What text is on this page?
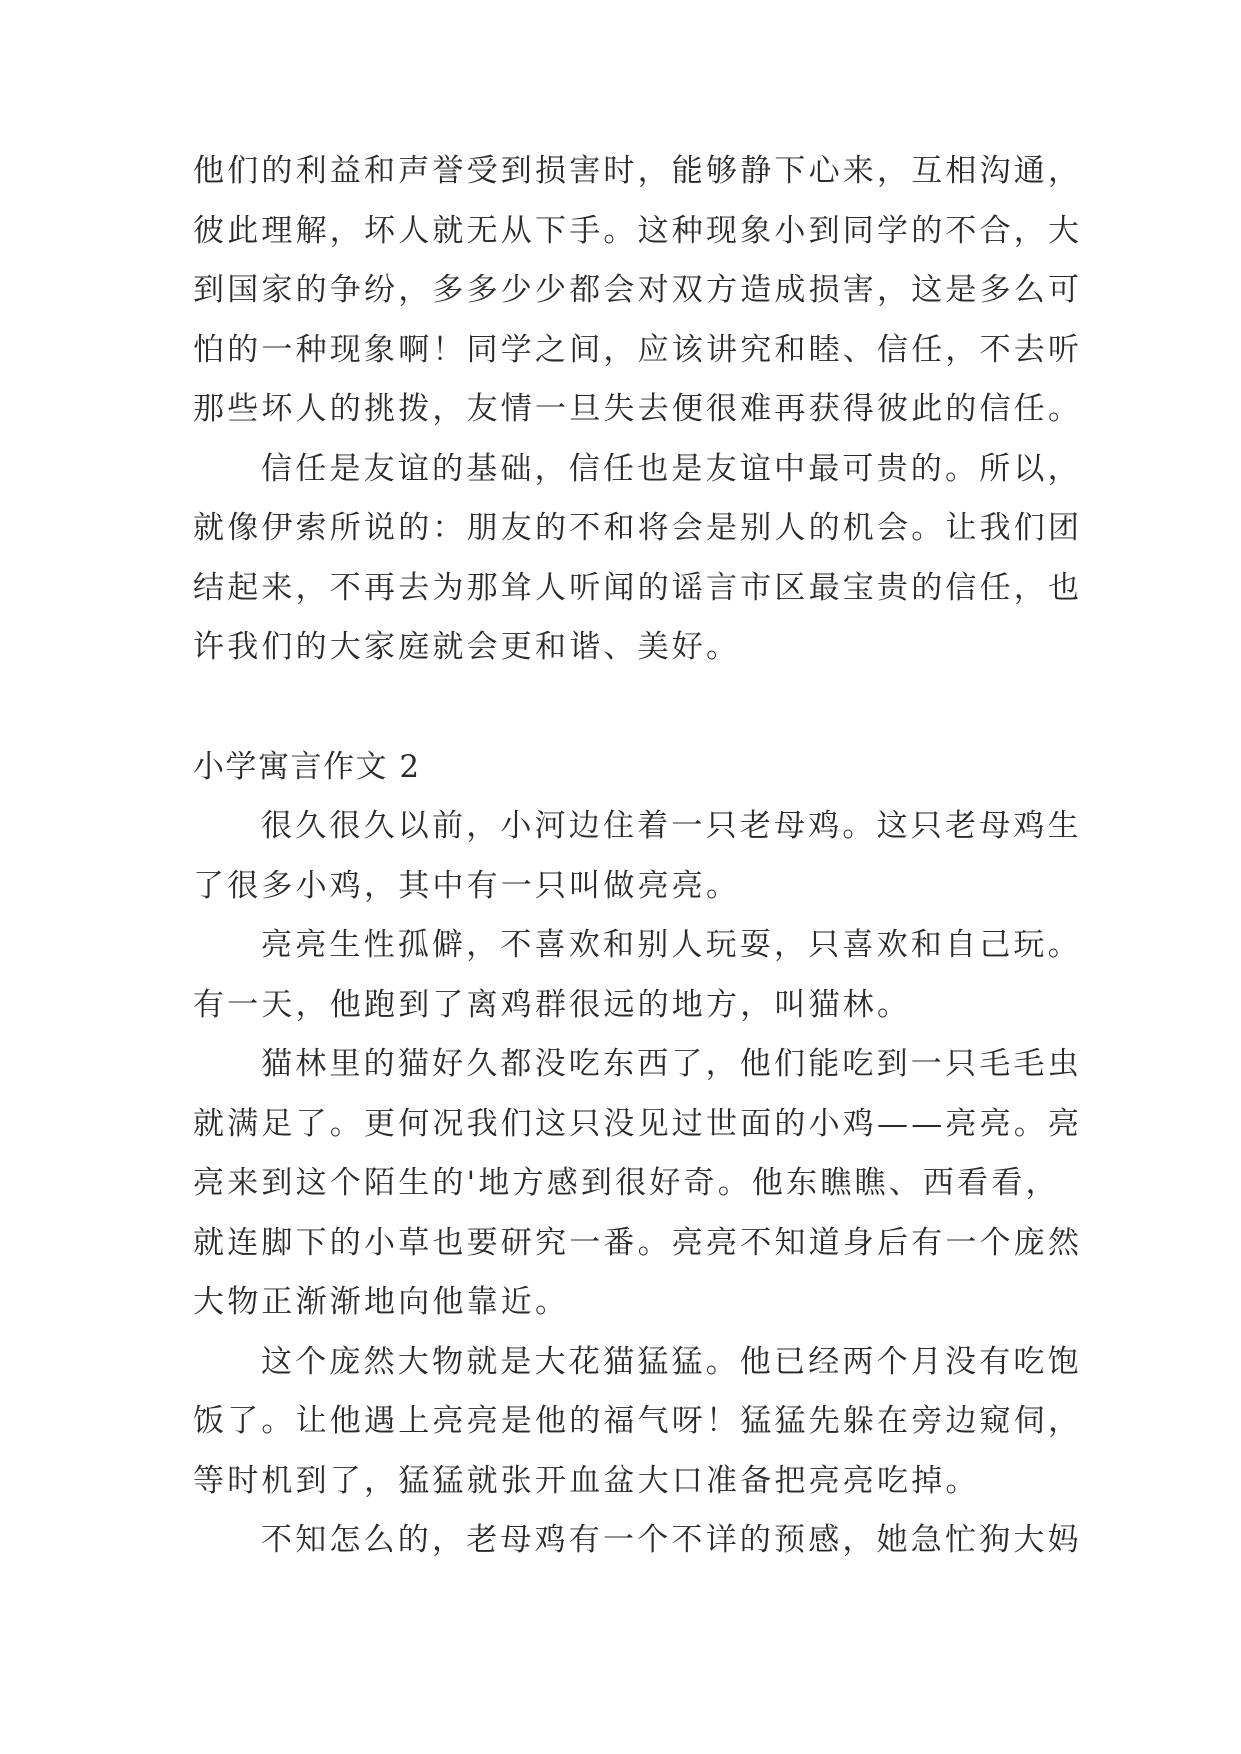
他们的利益和声誉受到损害时，能够静下心来，互相沟通，
彼此理解，坏人就无从下手。这种现象小到同学的不合，大
到国家的争纷，多多少少都会对双方造成损害，这是多么可
怕的一种现象啊！同学之间，应该讲究和睦、信任，不去听
那些坏人的挑拨，友情一旦失去便很难再获得彼此的信任。
信任是友谊的基础，信任也是友谊中最可贵的。所以，
就像伊索所说的：朋友的不和将会是别人的机会。让我们团
结起来，不再去为那耸人听闻的谣言市区最宝贵的信任，也
许我们的大家庭就会更和谐、美好。
小学寓言作文 2
很久很久以前，小河边住着一只老母鸡。这只老母鸡生
了很多小鸡，其中有一只叫做亮亮。
亮亮生性孤僻，不喜欢和别人玩耍，只喜欢和自己玩。
有一天，他跑到了离鸡群很远的地方，叫猫林。
猫林里的猫好久都没吃东西了，他们能吃到一只毛毛虫
就满足了。更何况我们这只没见过世面的小鸡——亮亮。亮
亮来到这个陌生的'地方感到很好奇。他东瞧瞧、西看看，
就连脚下的小草也要研究一番。亮亮不知道身后有一个庞然
大物正渐渐地向他靠近。
这个庞然大物就是大花猫猛猛。他已经两个月没有吃饱
饭了。让他遇上亮亮是他的福气呀！猛猛先躲在旁边窥伺，
等时机到了，猛猛就张开血盆大口准备把亮亮吃掉。
不知怎么的，老母鸡有一个不详的预感，她急忙狗大妈
